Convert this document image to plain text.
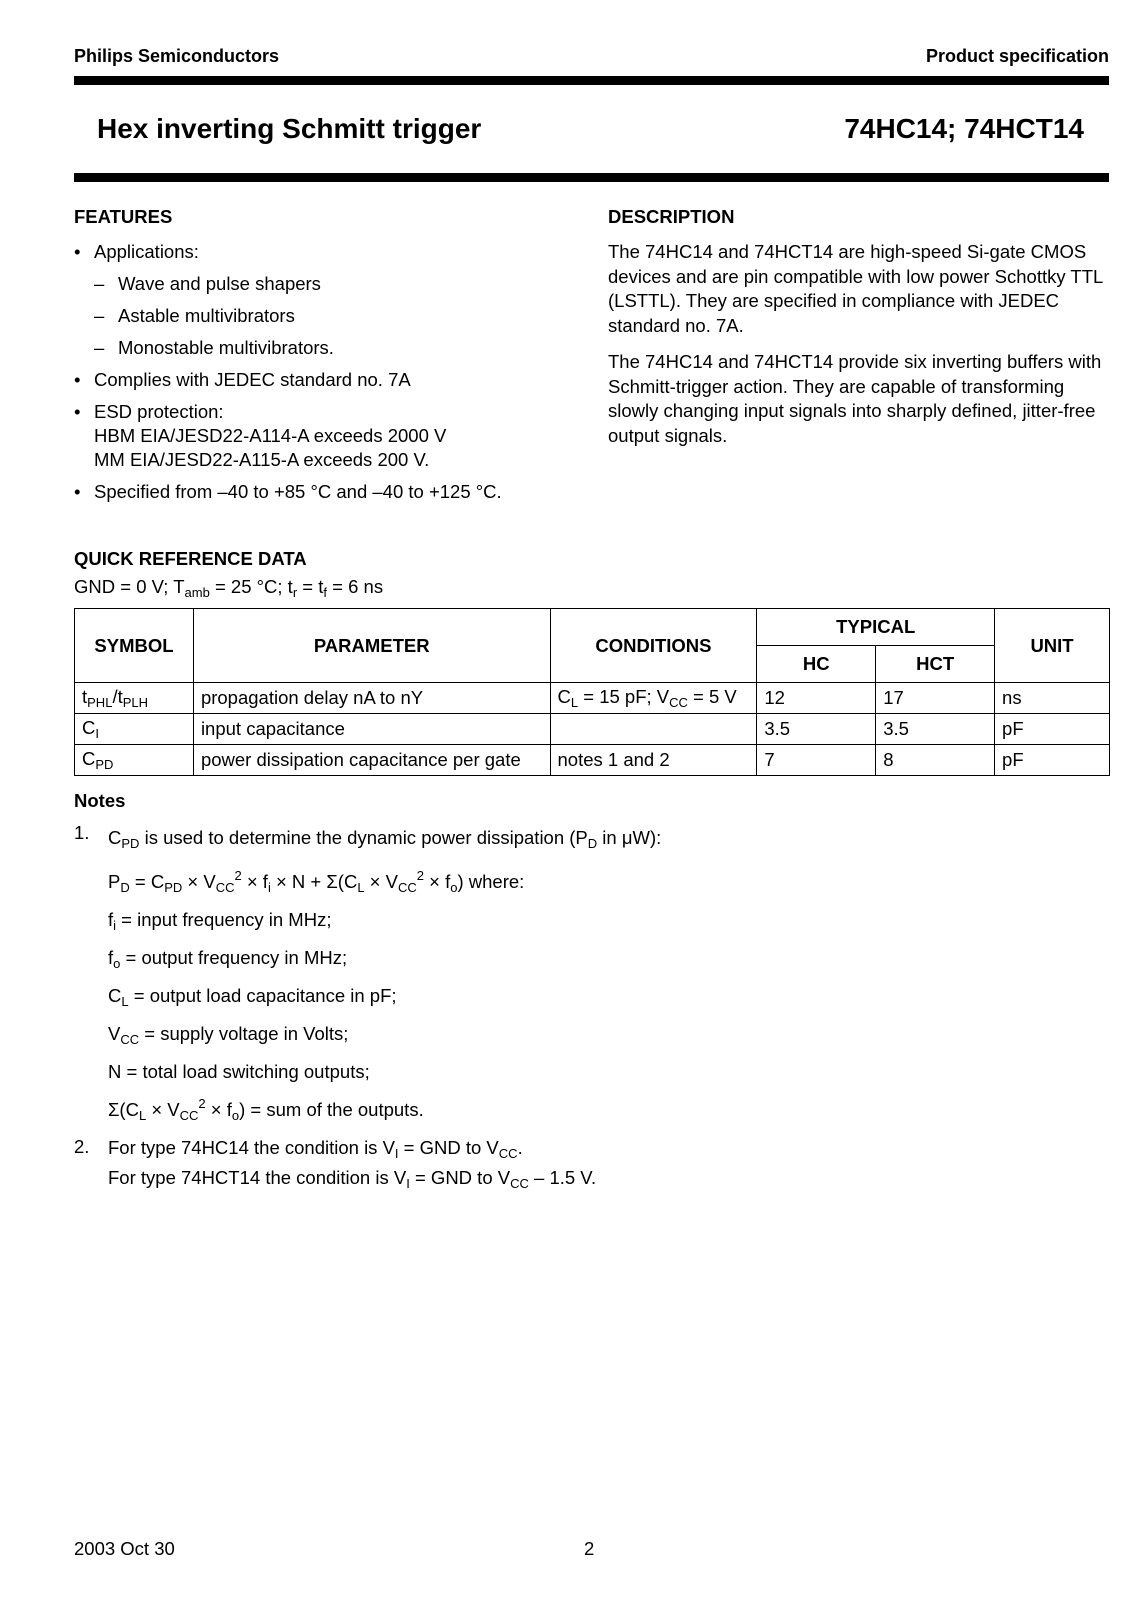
Philips Semiconductors	Product specification
Hex inverting Schmitt trigger	74HC14; 74HCT14
FEATURES
• Applications:
– Wave and pulse shapers
– Astable multivibrators
– Monostable multivibrators.
• Complies with JEDEC standard no. 7A
• ESD protection:
HBM EIA/JESD22-A114-A exceeds 2000 V
MM EIA/JESD22-A115-A exceeds 200 V.
• Specified from –40 to +85 °C and –40 to +125 °C.
DESCRIPTION

The 74HC14 and 74HCT14 are high-speed Si-gate CMOS devices and are pin compatible with low power Schottky TTL (LSTTL). They are specified in compliance with JEDEC standard no. 7A.

The 74HC14 and 74HCT14 provide six inverting buffers with Schmitt-trigger action. They are capable of transforming slowly changing input signals into sharply defined, jitter-free output signals.

QUICK REFERENCE DATA
GND = 0 V; $T_{amb} = 25$ °C; $t_r = t_f = 6$ ns
SYMBOL	PARAMETER	CONDITIONS	TYPICAL		UNIT
			HC	HCT	
$t_{PHL}/t_{PLH}$	propagation delay nA to nY	$C_L = 15$ pF; $V_{CC} = 5$ V	12	17	ns
$C_I$	input capacitance		3.5	3.5	pF
$C_{PD}$	power dissipation capacitance per gate	notes 1 and 2	7	8	pF
Notes
1. $C_{PD}$ is used to determine the dynamic power dissipation ($P_D$ in μW):
$P_D = C_{PD} \times V_{CC}^2 \times f_i \times N + \Sigma(C_L \times V_{CC}^2 \times f_o)$ where:
$f_i$ = input frequency in MHz;
$f_o$ = output frequency in MHz;
$C_L$ = output load capacitance in pF;
$V_{CC}$ = supply voltage in Volts;
N = total load switching outputs;
$\Sigma(C_L \times V_{CC}^2 \times f_o)$ = sum of the outputs.
2. For type 74HC14 the condition is $V_I$ = GND to $V_{CC}$.
For type 74HCT14 the condition is $V_I$ = GND to $V_{CC} - 1.5$ V.
2003 Oct 30	2
